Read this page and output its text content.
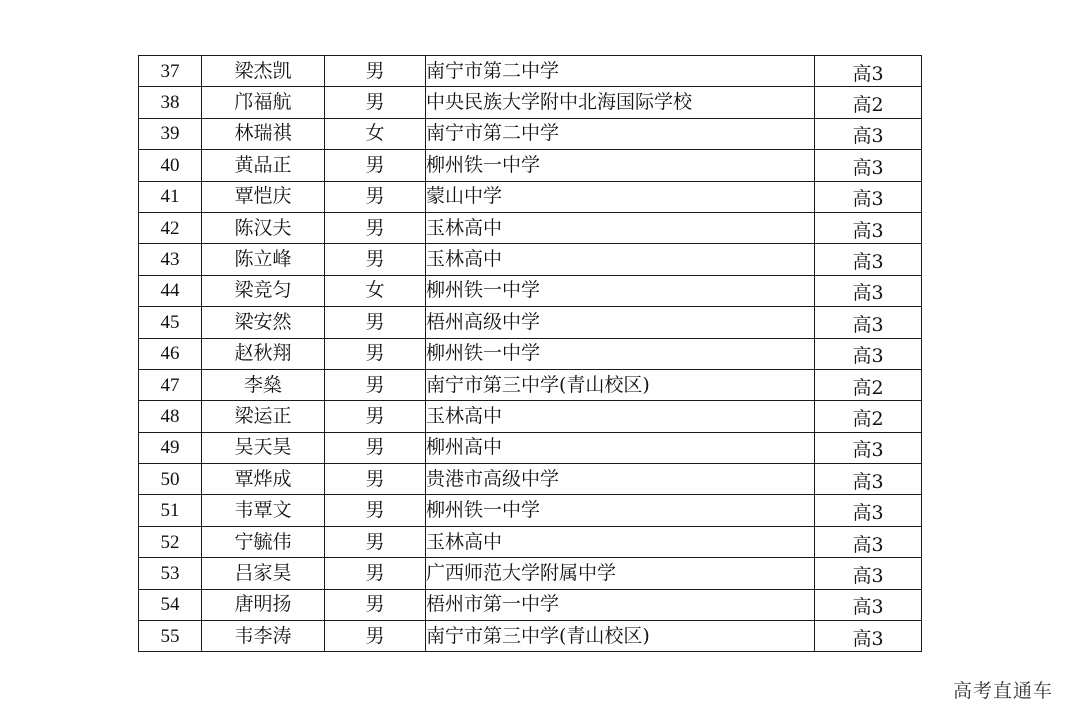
37	梁杰凯	男	南宁市第二中学	高3
38	邝福航	男	中央民族大学附中北海国际学校	高2
39	林瑞祺	女	南宁市第二中学	高3
40	黄品正	男	柳州铁一中学	高3
41	覃恺庆	男	蒙山中学	高3
42	陈汉夫	男	玉林高中	高3
43	陈立峰	男	玉林高中	高3
44	梁竞匀	女	柳州铁一中学	高3
45	梁安然	男	梧州高级中学	高3
46	赵秋翔	男	柳州铁一中学	高3
47	李燊	男	南宁市第三中学(青山校区)	高2
48	梁运正	男	玉林高中	高2
49	吴天昊	男	柳州高中	高3
50	覃烨成	男	贵港市高级中学	高3
51	韦覃文	男	柳州铁一中学	高3
52	宁毓伟	男	玉林高中	高3
53	吕家昊	男	广西师范大学附属中学	高3
54	唐明扬	男	梧州市第一中学	高3
55	韦李涛	男	南宁市第三中学(青山校区)	高3
高考直通车
